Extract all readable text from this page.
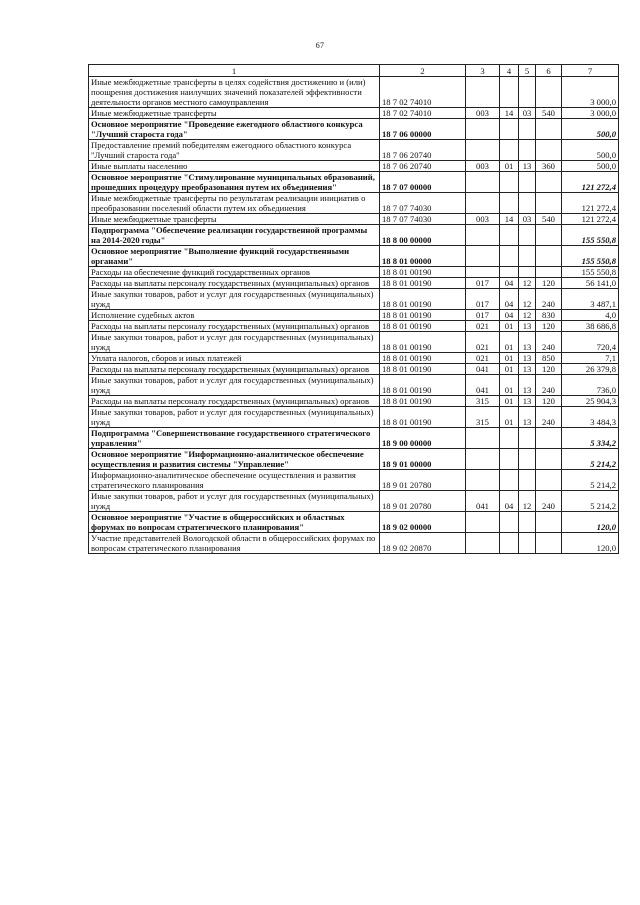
67
1	2	3	4	5	6	7
Иные межбюджетные трансферты в целях содействия достижению и (или) поощрения достижения наилучших значений показателей эффективности деятельности органов местного самоуправления	18 7 02 74010					3 000,0
Иные межбюджетные трансферты	18 7 02 74010	003	14	03	540	3 000,0
Основное мероприятие "Проведение ежегодного областного конкурса "Лучший староста года"	18 7 06 00000					500,0
Предоставление премий победителям ежегодного областного конкурса "Лучший староста года"	18 7 06 20740					500,0
Иные выплаты населению	18 7 06 20740	003	01	13	360	500,0
Основное мероприятие "Стимулирование муниципальных образований, прошедших процедуру преобразования путем их объединения"	18 7 07 00000					121 272,4
Иные межбюджетные трансферты по результатам реализации инициатив о преобразовании поселений области путем их объединения	18 7 07 74030					121 272,4
Иные межбюджетные трансферты	18 7 07 74030	003	14	03	540	121 272,4
Подпрограмма "Обеспечение реализации государственной программы на 2014-2020 годы"	18 8 00 00000					155 550,8
Основное мероприятие "Выполнение функций государственными органами"	18 8 01 00000					155 550,8
Расходы на обеспечение функций государственных органов	18 8 01 00190					155 550,8
Расходы на выплаты персоналу государственных (муниципальных) органов	18 8 01 00190	017	04	12	120	56 141,0
Иные закупки товаров, работ и услуг для государственных (муниципальных) нужд	18 8 01 00190	017	04	12	240	3 487,1
Исполнение судебных актов	18 8 01 00190	017	04	12	830	4,0
Расходы на выплаты персоналу государственных (муниципальных) органов	18 8 01 00190	021	01	13	120	38 686,8
Иные закупки товаров, работ и услуг для государственных (муниципальных) нужд	18 8 01 00190	021	01	13	240	720,4
Уплата налогов, сборов и иных платежей	18 8 01 00190	021	01	13	850	7,1
Расходы на выплаты персоналу государственных (муниципальных) органов	18 8 01 00190	041	01	13	120	26 379,8
Иные закупки товаров, работ и услуг для государственных (муниципальных) нужд	18 8 01 00190	041	01	13	240	736,0
Расходы на выплаты персоналу государственных (муниципальных) органов	18 8 01 00190	315	01	13	120	25 904,3
Иные закупки товаров, работ и услуг для государственных (муниципальных) нужд	18 8 01 00190	315	01	13	240	3 484,3
Подпрограмма "Совершенствование государственного стратегического управления"	18 9 00 00000					5 334,2
Основное мероприятие "Информационно-аналитическое обеспечение осуществления и развития системы "Управление"	18 9 01 00000					5 214,2
Информационно-аналитическое обеспечение осуществления и развития стратегического планирования	18 9 01 20780					5 214,2
Иные закупки товаров, работ и услуг для государственных (муниципальных) нужд	18 9 01 20780	041	04	12	240	5 214,2
Основное мероприятие "Участие в общероссийских и областных форумах по вопросам стратегического планирования"	18 9 02 00000					120,0
Участие представителей Вологодской области в общероссийских форумах по вопросам стратегического планирования	18 9 02 20870					120,0
